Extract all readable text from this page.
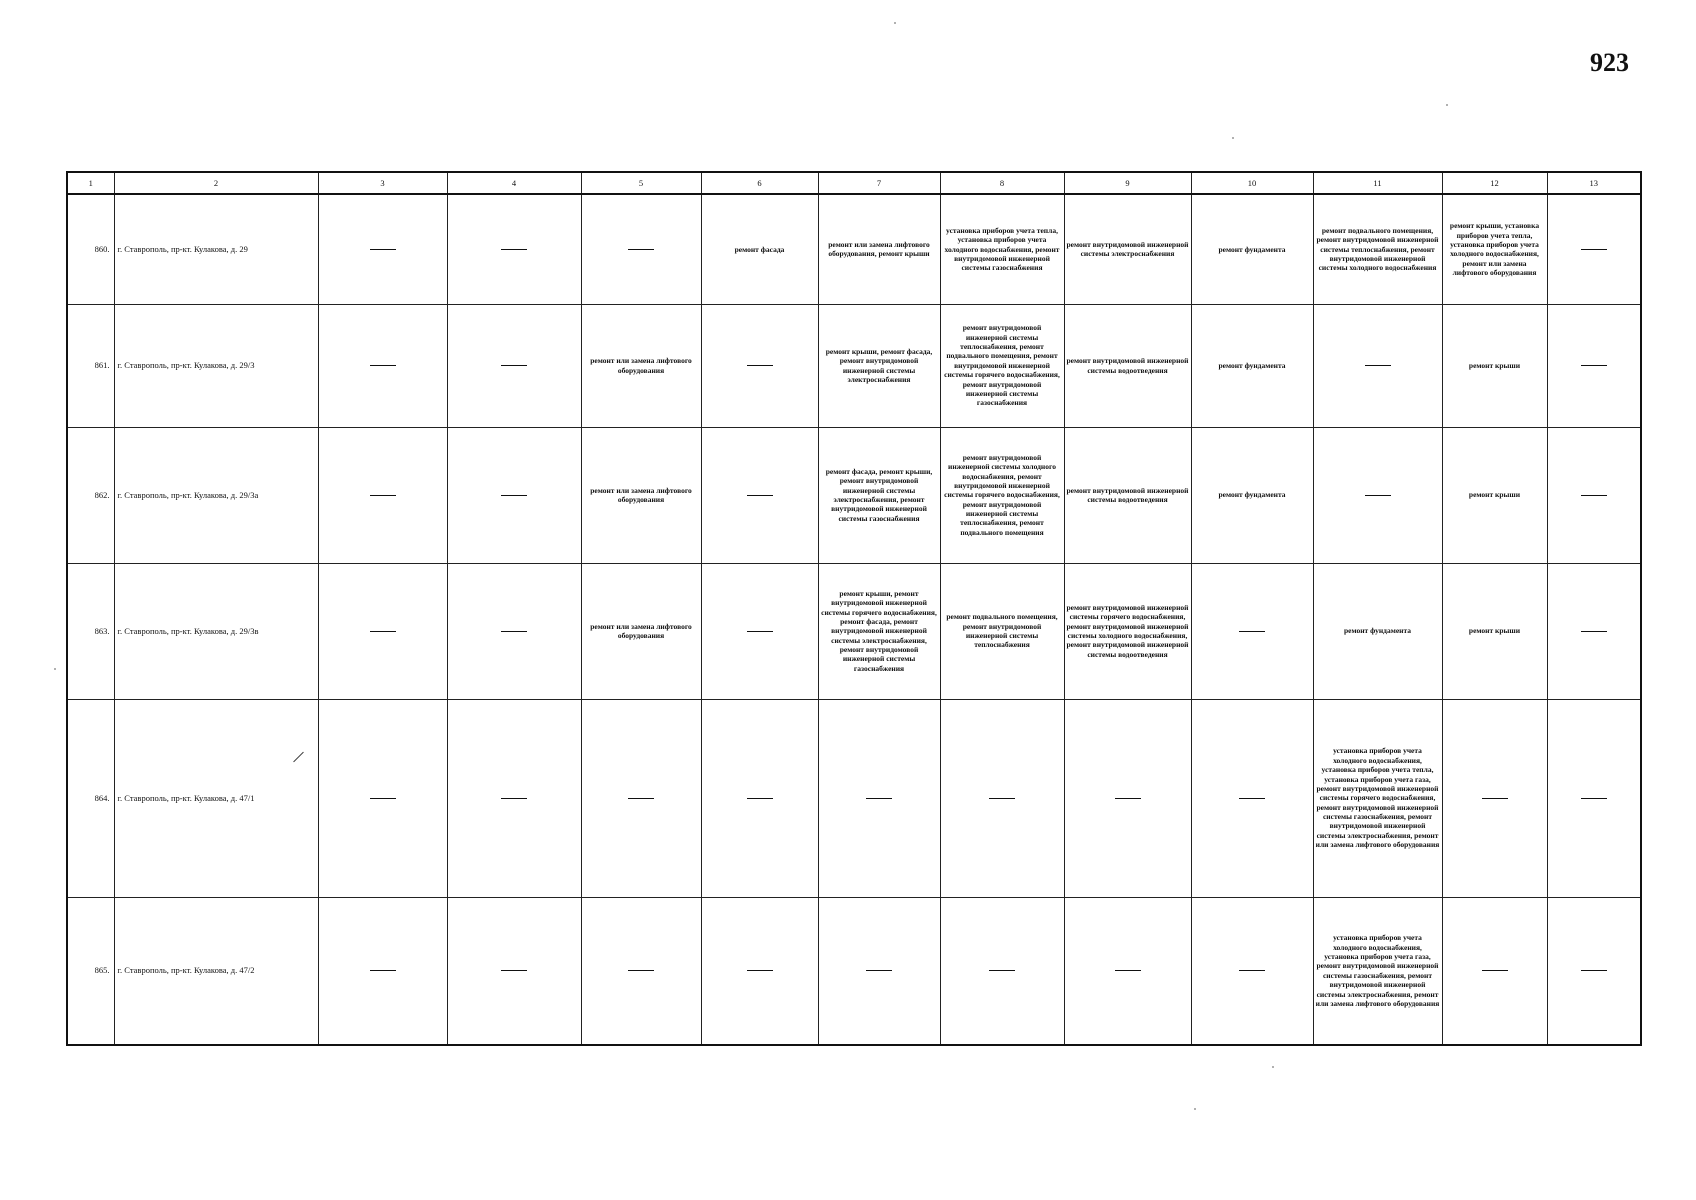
923
1	2	3	4	5	6	7	8	9	10	11	12	13
860.	г. Ставрополь, пр-кт. Кулакова, д. 29				ремонт фасада	ремонт или замена лифтового оборудования, ремонт крыши	установка приборов учета тепла, установка приборов учета холодного водоснабжения, ремонт внутридомовой инженерной системы газоснабжения	ремонт внутридомовой инженерной системы электроснабжения	ремонт фундамента	ремонт подвального помещения, ремонт внутридомовой инженерной системы теплоснабжения, ремонт внутридомовой инженерной системы холодного водоснабжения	ремонт крыши, установка приборов учета тепла, установка приборов учета холодного водоснабжения, ремонт или замена лифтового оборудования	
861.	г. Ставрополь, пр-кт. Кулакова, д. 29/3			ремонт или замена лифтового оборудования		ремонт крыши, ремонт фасада, ремонт внутридомовой инженерной системы электроснабжения	ремонт внутридомовой инженерной системы теплоснабжения, ремонт подвального помещения, ремонт внутридомовой инженерной системы горячего водоснабжения, ремонт внутридомовой инженерной системы газоснабжения	ремонт внутридомовой инженерной системы водоотведения	ремонт фундамента		ремонт крыши	
862.	г. Ставрополь, пр-кт. Кулакова, д. 29/3а			ремонт или замена лифтового оборудования		ремонт фасада, ремонт крыши, ремонт внутридомовой инженерной системы электроснабжения, ремонт внутридомовой инженерной системы газоснабжения	ремонт внутридомовой инженерной системы холодного водоснабжения, ремонт внутридомовой инженерной системы горячего водоснабжения, ремонт внутридомовой инженерной системы теплоснабжения, ремонт подвального помещения	ремонт внутридомовой инженерной системы водоотведения	ремонт фундамента		ремонт крыши	
863.	г. Ставрополь, пр-кт. Кулакова, д. 29/3в			ремонт или замена лифтового оборудования		ремонт крыши, ремонт внутридомовой инженерной системы горячего водоснабжения, ремонт фасада, ремонт внутридомовой инженерной системы электроснабжения, ремонт внутридомовой инженерной системы газоснабжения	ремонт подвального помещения, ремонт внутридомовой инженерной системы теплоснабжения	ремонт внутридомовой инженерной системы горячего водоснабжения, ремонт внутридомовой инженерной системы холодного водоснабжения, ремонт внутридомовой инженерной системы водоотведения		ремонт фундамента	ремонт крыши	
864.	г. Ставрополь, пр-кт. Кулакова, д. 47/1									установка приборов учета холодного водоснабжения, установка приборов учета тепла, установка приборов учета газа, ремонт внутридомовой инженерной системы горячего водоснабжения, ремонт внутридомовой инженерной системы газоснабжения, ремонт внутридомовой инженерной системы электроснабжения, ремонт или замена лифтового оборудования		
865.	г. Ставрополь, пр-кт. Кулакова, д. 47/2									установка приборов учета холодного водоснабжения, установка приборов учета газа, ремонт внутридомовой инженерной системы газоснабжения, ремонт внутридомовой инженерной системы электроснабжения, ремонт или замена лифтового оборудования		
